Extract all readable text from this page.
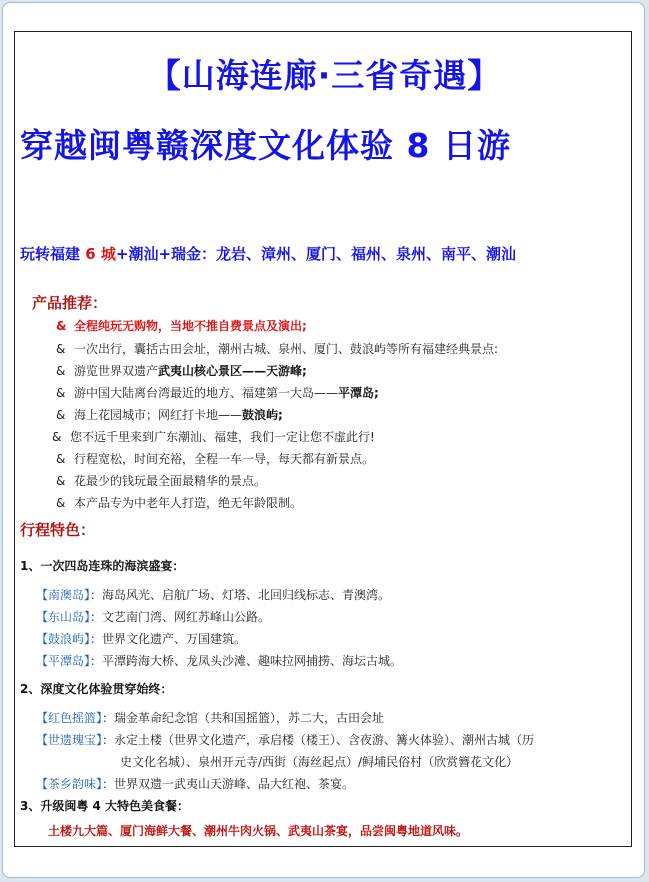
【山海连廊·三省奇遇】
穿越闽粤赣深度文化体验 8 日游
玩转福建 6 城+潮汕+瑞金：龙岩、漳州、厦门、福州、泉州、南平、潮汕
产品推荐：
& 全程纯玩无购物，当地不推自费景点及演出;
& 一次出行，囊括古田会址，潮州古城、泉州、厦门、鼓浪屿等所有福建经典景点:
& 游览世界双遗产武夷山核心景区——天游峰;
& 游中国大陆离台湾最近的地方、福建第一大岛——平潭岛;
& 海上花园城市；网红打卡地——鼓浪屿;
& 您不远千里来到广东潮汕、福建，我们一定让您不虚此行!
& 行程宽松，时间充裕，全程一车一导，每天都有新景点。
& 花最少的钱玩最全面最精华的景点。
& 本产品专为中老年人打造，绝无年龄限制。
行程特色：
1、一次四岛连珠的海滨盛宴：
【南澳岛】：海岛风光、启航广场、灯塔、北回归线标志、青澳湾。
【东山岛】：文艺南门湾、网红苏峰山公路。
【鼓浪屿】：世界文化遗产、万国建筑。
【平潭岛】：平潭跨海大桥、龙凤头沙滩、趣味拉网捕捞、海坛古城。
2、深度文化体验贯穿始终：
【红色摇篮】：瑞金革命纪念馆（共和国摇篮），苏二大，古田会址
【世遗瑰宝】：永定土楼（世界文化遗产，承启楼（楼王）、含夜游、篝火体验）、潮州古城（历
史文化名城）、泉州开元寺/西街（海丝起点）/鲟埔民俗村（欣赏簪花文化）
【茶乡韵味】：世界双遗一武夷山天游峰、品大红袍、茶宴。
3、升级闽粤 4 大特色美食餐：
土楼九大篇、厦门海鲜大餐、潮州牛肉火锅、武夷山茶宴，品尝闽粤地道风味。
